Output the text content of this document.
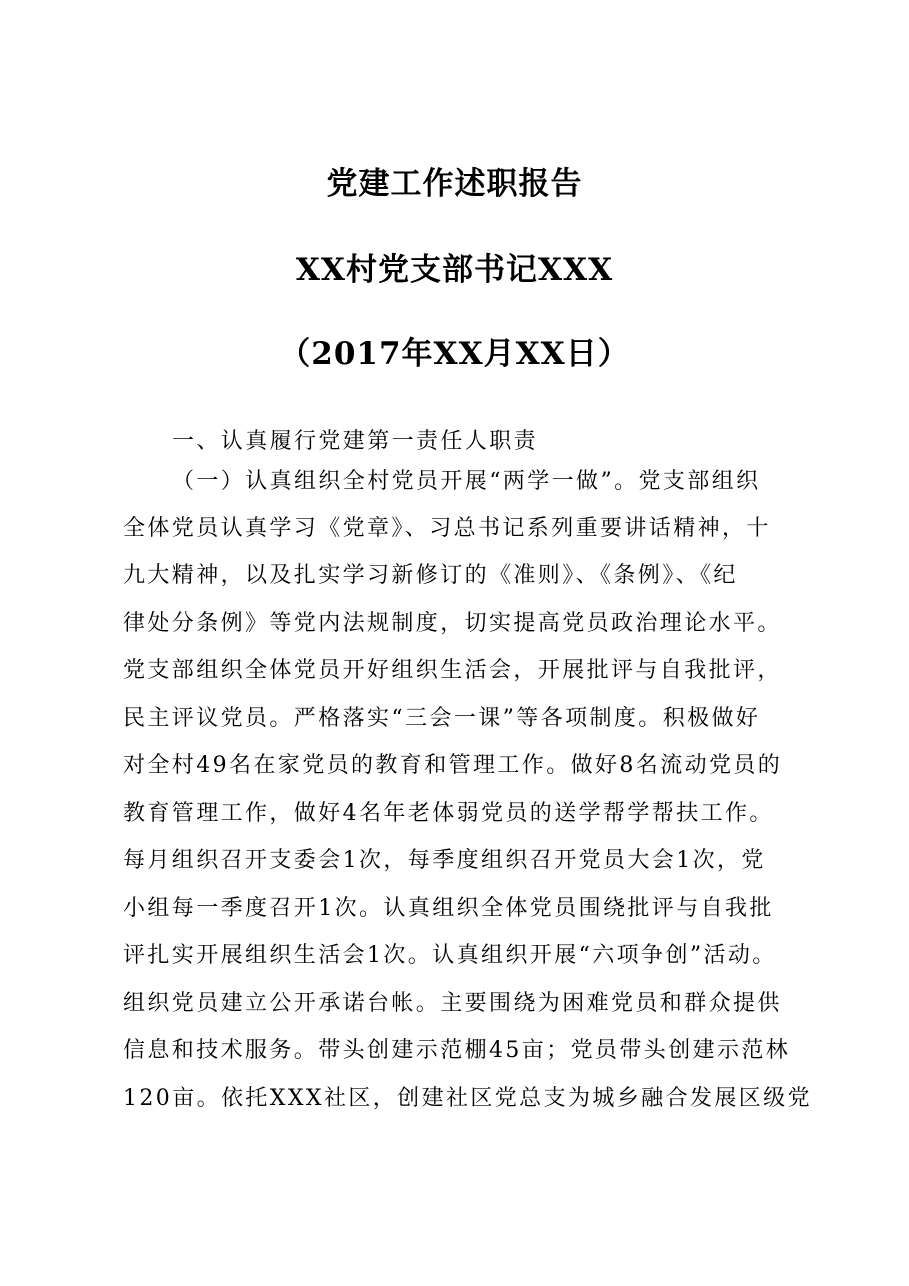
党建工作述职报告
XX村党支部书记XXX
（2017年XX月XX日）
一、认真履行党建第一责任人职责
（一）认真组织全村党员开展“两学一做”。党支部组织
全体党员认真学习《党章》、习总书记系列重要讲话精神，十
九大精神，以及扎实学习新修订的《准则》、《条例》、《纪
律处分条例》等党内法规制度，切实提高党员政治理论水平。
党支部组织全体党员开好组织生活会，开展批评与自我批评，
民主评议党员。严格落实“三会一课”等各项制度。积极做好
对全村49名在家党员的教育和管理工作。做好8名流动党员的
教育管理工作，做好4名年老体弱党员的送学帮学帮扶工作。
每月组织召开支委会1次，每季度组织召开党员大会1次，党
小组每一季度召开1次。认真组织全体党员围绕批评与自我批
评扎实开展组织生活会1次。认真组织开展“六项争创”活动。
组织党员建立公开承诺台帐。主要围绕为困难党员和群众提供
信息和技术服务。带头创建示范棚45亩；党员带头创建示范林
120亩。依托XXX社区，创建社区党总支为城乡融合发展区级党
